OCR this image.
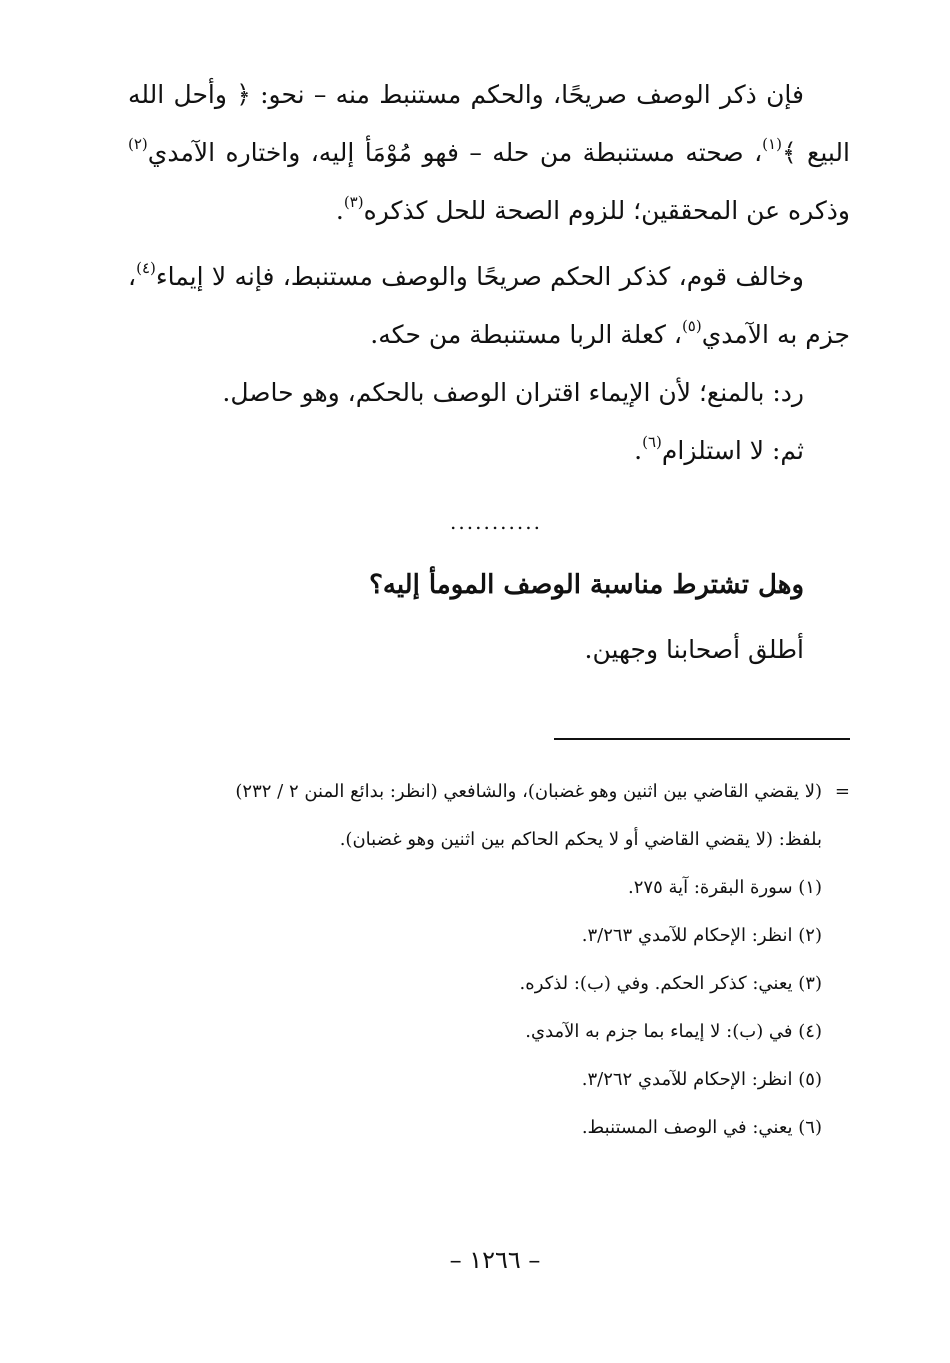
فإن ذكر الوصف صريحًا، والحكم مستنبط منه – نحو: ﴿ وأحل الله البيع ﴾$^{(١)}$، صحته مستنبطة من حله – فهو مُوْمَأ إليه، واختاره الآمدي$^{(٢)}$ وذكره عن المحققين؛ للزوم الصحة للحل كذكره$^{(٣)}$.

وخالف قوم، كذكر الحكم صريحًا والوصف مستنبط، فإنه لا إيماء$^{(٤)}$، جزم به الآمدي$^{(٥)}$، كعلة الربا مستنبطة من حكه.

رد: بالمنع؛ لأن الإيماء اقتران الوصف بالحكم، وهو حاصل.

ثم: لا استلزام$^{(٦)}$.

...........
وهل تشترط مناسبة الوصف المومأ إليه؟

أطلق أصحابنا وجهين.

=
(لا يقضي القاضي بين اثنين وهو غضبان)، والشافعي (انظر: بدائع المنن ٢ / ٢٣٢)

بلفظ: (لا يقضي القاضي أو لا يحكم الحاكم بين اثنين وهو غضبان).

(١) سورة البقرة: آية ٢٧٥.

(٢) انظر: الإحكام للآمدي ٣/٢٦٣.

(٣) يعني: كذكر الحكم. وفي (ب): لذكره.

(٤) في (ب): لا إيماء بما جزم به الآمدي.

(٥) انظر: الإحكام للآمدي ٣/٢٦٢.

(٦) يعني: في الوصف المستنبط.

– ١٢٦٦ –
